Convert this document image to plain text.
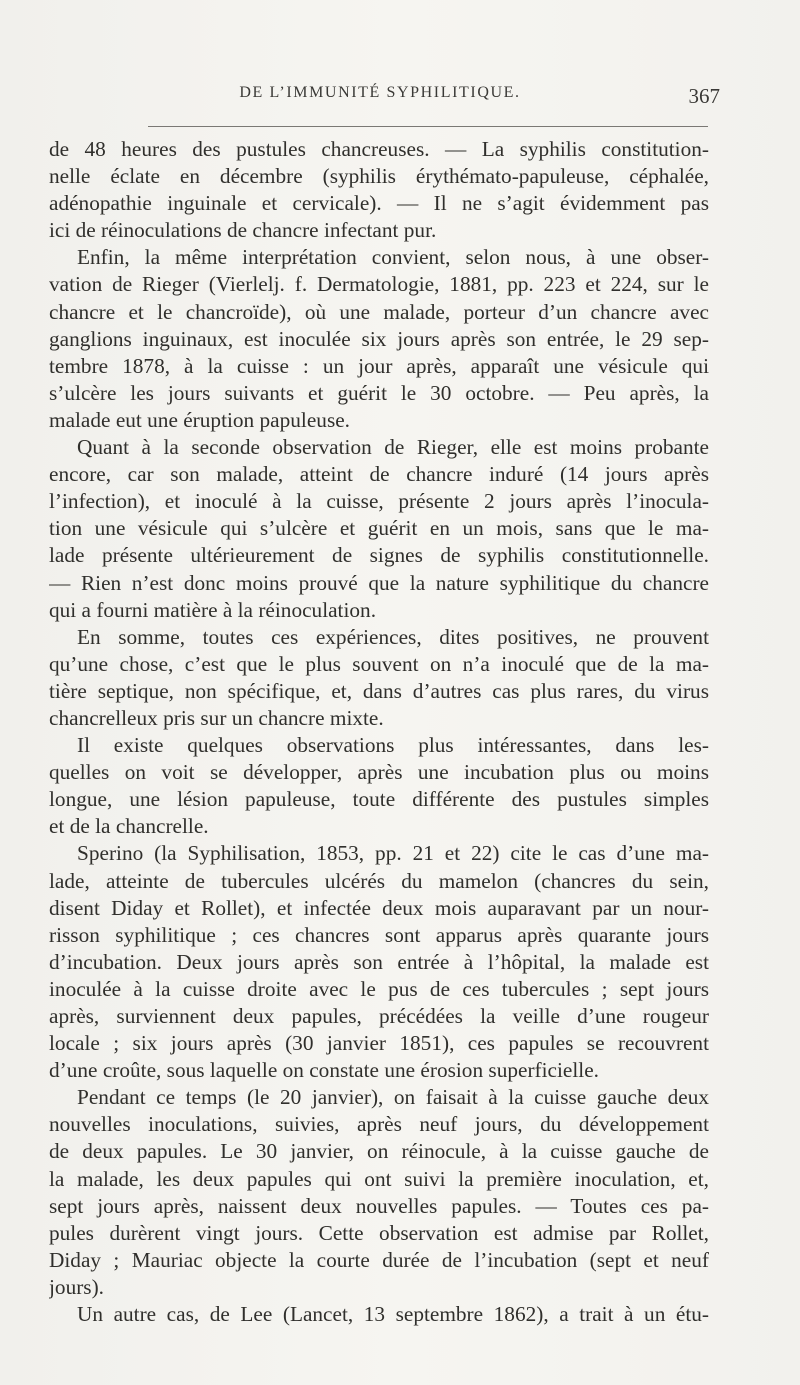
DE L’IMMUNITÉ SYPHILITIQUE.	367
de 48 heures des pustules chancreuses. — La syphilis constitution-
nelle éclate en décembre (syphilis érythémato-papuleuse, céphalée,
adénopathie inguinale et cervicale). — Il ne s’agit évidemment pas
ici de réinoculations de chancre infectant pur.
Enfin, la même interprétation convient, selon nous, à une obser-
vation de Rieger (Vierlelj. f. Dermatologie, 1881, pp. 223 et 224, sur le
chancre et le chancroïde), où une malade, porteur d’un chancre avec
ganglions inguinaux, est inoculée six jours après son entrée, le 29 sep-
tembre 1878, à la cuisse : un jour après, apparaît une vésicule qui
s’ulcère les jours suivants et guérit le 30 octobre. — Peu après, la
malade eut une éruption papuleuse.
Quant à la seconde observation de Rieger, elle est moins probante
encore, car son malade, atteint de chancre induré (14 jours après
l’infection), et inoculé à la cuisse, présente 2 jours après l’inocula-
tion une vésicule qui s’ulcère et guérit en un mois, sans que le ma-
lade présente ultérieurement de signes de syphilis constitutionnelle.
— Rien n’est donc moins prouvé que la nature syphilitique du chancre
qui a fourni matière à la réinoculation.
En somme, toutes ces expériences, dites positives, ne prouvent
qu’une chose, c’est que le plus souvent on n’a inoculé que de la ma-
tière septique, non spécifique, et, dans d’autres cas plus rares, du virus
chancrelleux pris sur un chancre mixte.
Il existe quelques observations plus intéressantes, dans les-
quelles on voit se développer, après une incubation plus ou moins
longue, une lésion papuleuse, toute différente des pustules simples
et de la chancrelle.
Sperino (la Syphilisation, 1853, pp. 21 et 22) cite le cas d’une ma-
lade, atteinte de tubercules ulcérés du mamelon (chancres du sein,
disent Diday et Rollet), et infectée deux mois auparavant par un nour-
risson syphilitique ; ces chancres sont apparus après quarante jours
d’incubation. Deux jours après son entrée à l’hôpital, la malade est
inoculée à la cuisse droite avec le pus de ces tubercules ; sept jours
après, surviennent deux papules, précédées la veille d’une rougeur
locale ; six jours après (30 janvier 1851), ces papules se recouvrent
d’une croûte, sous laquelle on constate une érosion superficielle.
Pendant ce temps (le 20 janvier), on faisait à la cuisse gauche deux
nouvelles inoculations, suivies, après neuf jours, du développement
de deux papules. Le 30 janvier, on réinocule, à la cuisse gauche de
la malade, les deux papules qui ont suivi la première inoculation, et,
sept jours après, naissent deux nouvelles papules. — Toutes ces pa-
pules durèrent vingt jours. Cette observation est admise par Rollet,
Diday ; Mauriac objecte la courte durée de l’incubation (sept et neuf
jours).
Un autre cas, de Lee (Lancet, 13 septembre 1862), a trait à un étu-
